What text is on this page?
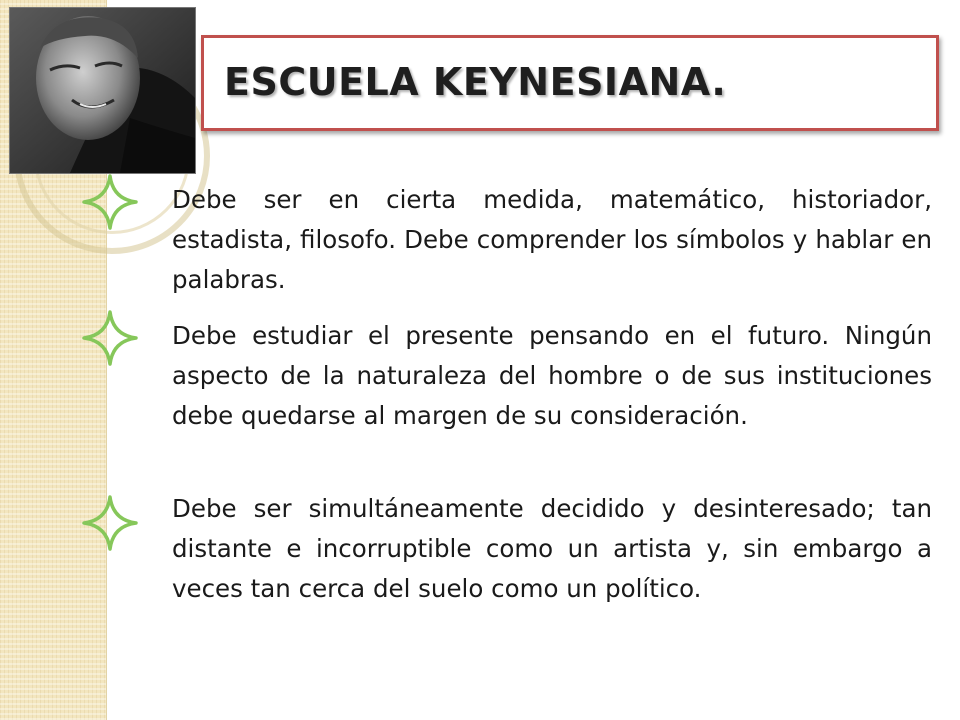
ESCUELA KEYNESIANA.
Debe ser en cierta medida, matemático, historiador, estadista, filosofo. Debe comprender los símbolos y hablar en palabras.
Debe estudiar el presente pensando en el futuro. Ningún aspecto de la naturaleza del hombre o de sus instituciones debe quedarse al margen de su consideración.
Debe ser simultáneamente decidido y desinteresado; tan distante e incorruptible como un artista y, sin embargo a veces tan cerca del suelo como un político.
